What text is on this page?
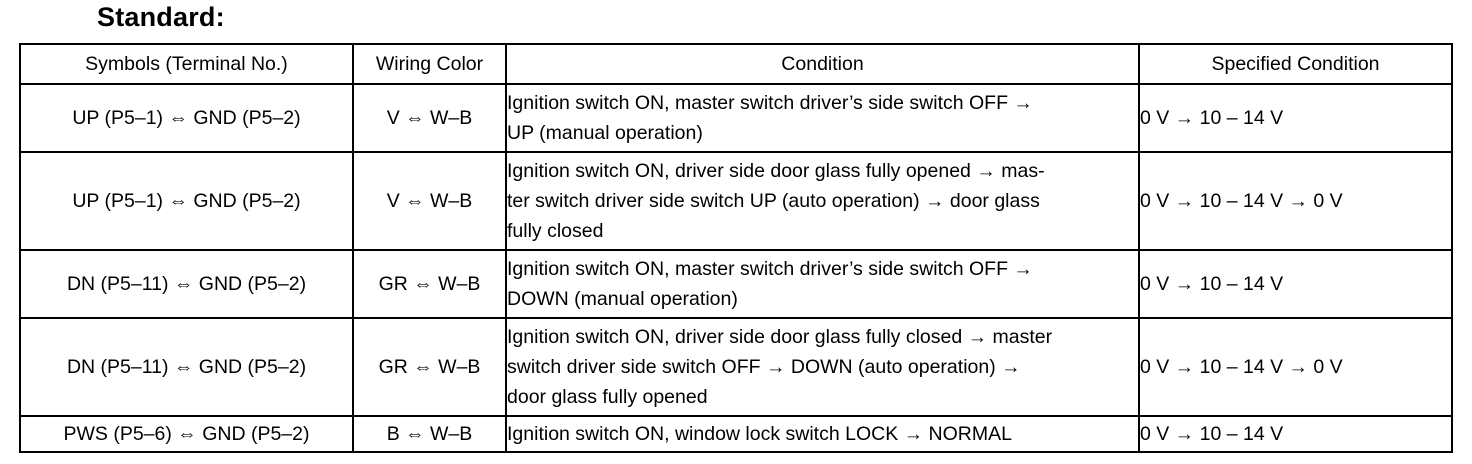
Standard:
Symbols (Terminal No.)	Wiring Color	Condition	Specified Condition
UP (P5–1) ⇔ GND (P5–2)	V ⇔ W–B	Ignition switch ON, master switch driver’s side switch OFF →
UP (manual operation)	0 V → 10 – 14 V
UP (P5–1) ⇔ GND (P5–2)	V ⇔ W–B	Ignition switch ON, driver side door glass fully opened → mas-
ter switch driver side switch UP (auto operation) → door glass
fully closed	0 V → 10 – 14 V → 0 V
DN (P5–11) ⇔ GND (P5–2)	GR ⇔ W–B	Ignition switch ON, master switch driver’s side switch OFF →
DOWN (manual operation)	0 V → 10 – 14 V
DN (P5–11) ⇔ GND (P5–2)	GR ⇔ W–B	Ignition switch ON, driver side door glass fully closed → master
switch driver side switch OFF → DOWN (auto operation) →
door glass fully opened	0 V → 10 – 14 V → 0 V
PWS (P5–6) ⇔ GND (P5–2)	B ⇔ W–B	Ignition switch ON, window lock switch LOCK → NORMAL	0 V → 10 – 14 V
